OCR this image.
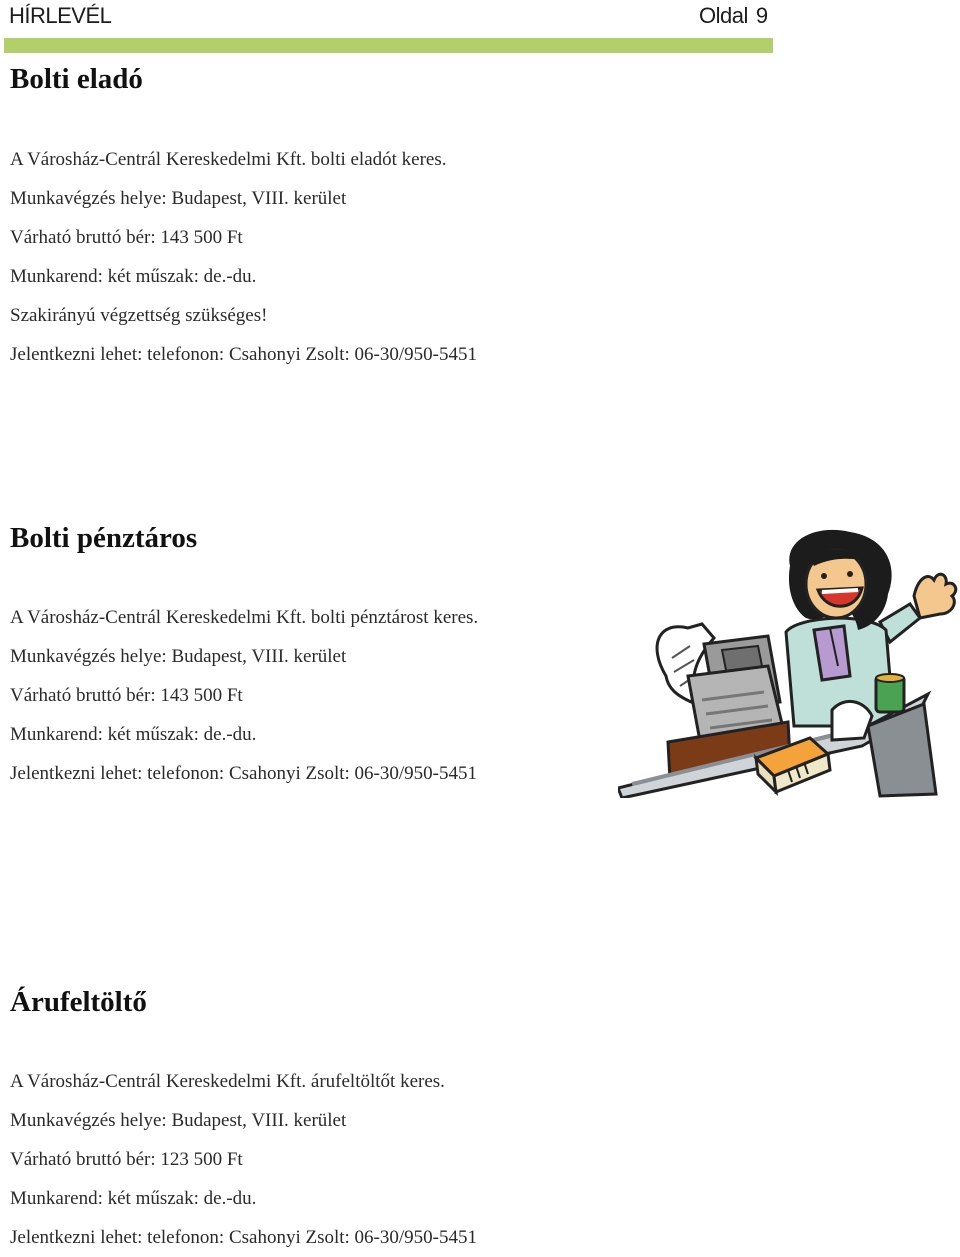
HÍRLEVÉL	Oldal 9
Bolti eladó
A Városház-Centrál Kereskedelmi Kft. bolti eladót keres.
Munkavégzés helye: Budapest, VIII. kerület
Várható bruttó bér: 143 500 Ft
Munkarend: két műszak: de.-du.
Szakirányú végzettség szükséges!
Jelentkezni lehet: telefonon: Csahonyi Zsolt: 06-30/950-5451
Bolti pénztáros
A Városház-Centrál Kereskedelmi Kft. bolti pénztárost keres.
Munkavégzés helye: Budapest, VIII. kerület
Várható bruttó bér: 143 500 Ft
Munkarend: két műszak: de.-du.
Jelentkezni lehet: telefonon: Csahonyi Zsolt: 06-30/950-5451
Árufeltöltő
A Városház-Centrál Kereskedelmi Kft. árufeltöltőt keres.
Munkavégzés helye: Budapest, VIII. kerület
Várható bruttó bér: 123 500 Ft
Munkarend: két műszak: de.-du.
Jelentkezni lehet: telefonon: Csahonyi Zsolt: 06-30/950-5451
